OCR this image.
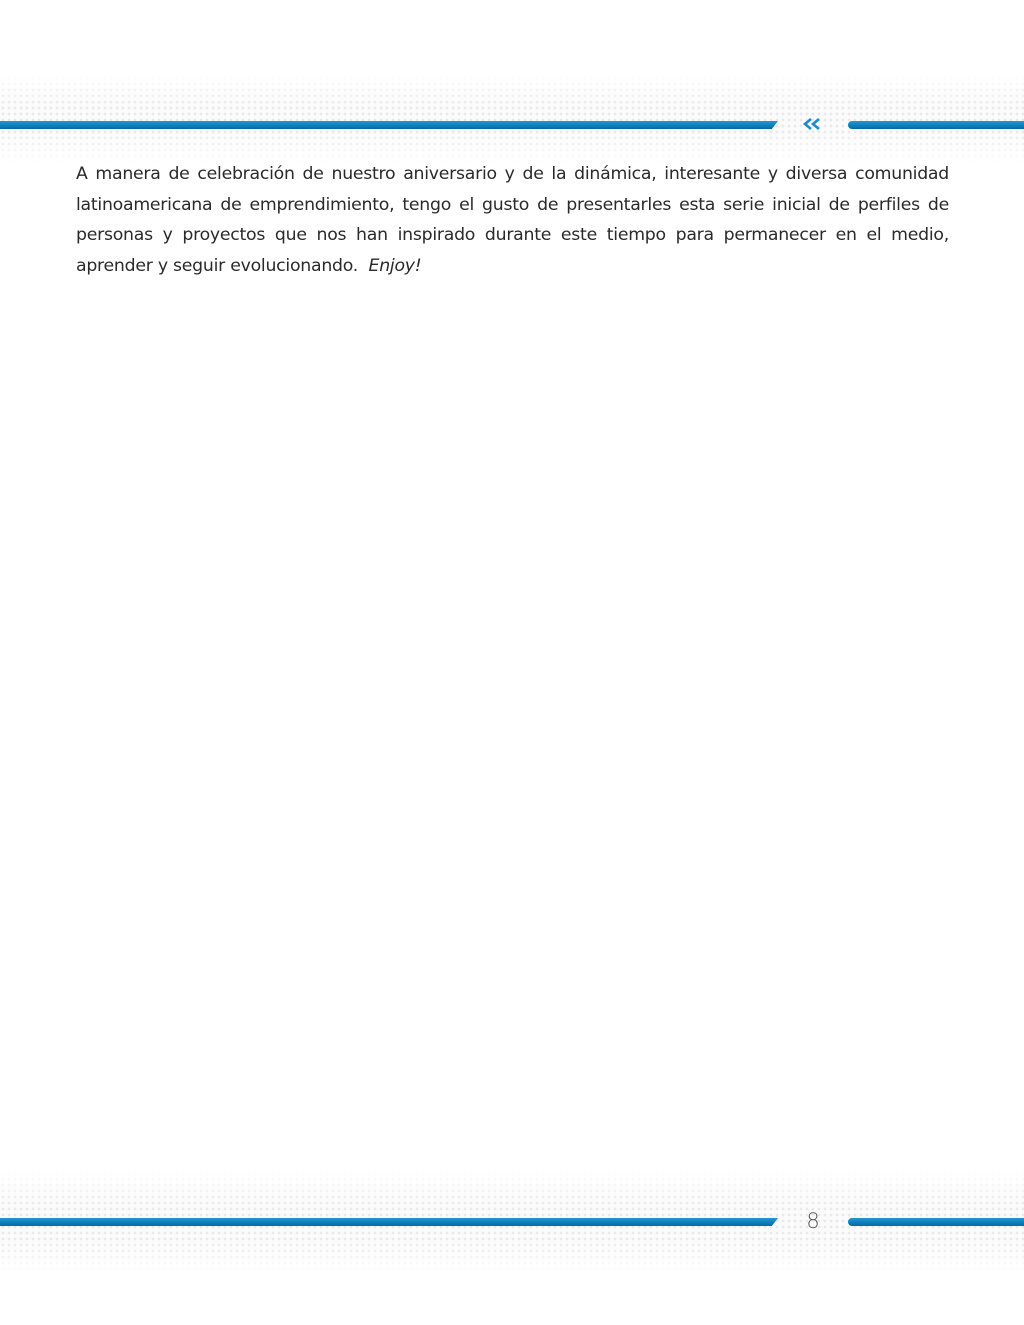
A manera de celebración de nuestro aniversario y de la dinámica, interesante y diversa comunidad latinoamericana de emprendimiento, tengo el gusto de presentarles esta serie inicial de perfiles de personas y proyectos que nos han inspirado durante este tiempo para permanecer en el medio, aprender y seguir evolucionando. Enjoy!

8
